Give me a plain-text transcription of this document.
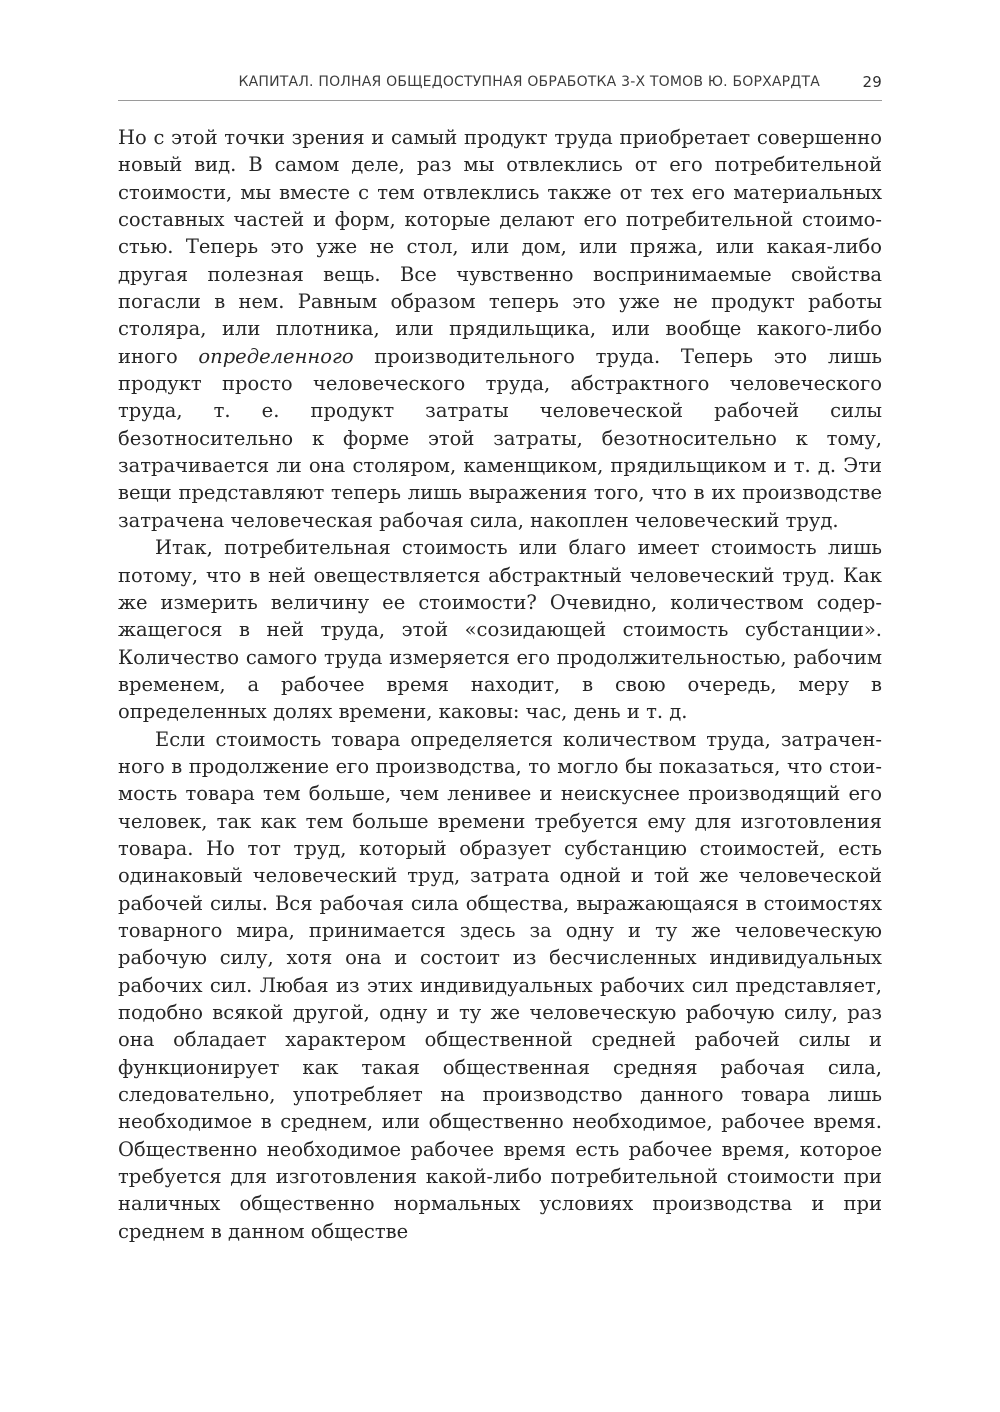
КАПИТАЛ. ПОЛНАЯ ОБЩЕДОСТУПНАЯ ОБРАБОТКА 3-Х ТОМОВ Ю. БОРХАРДТА	29

Но с этой точки зрения и самый продукт труда приобретает совершенно новый вид. В самом деле, раз мы отвлеклись от его потребительной стоимости, мы вместе с тем отвлеклись также от тех его материальных составных частей и форм, которые делают его потребительной стоимостью. Теперь это уже не стол, или дом, или пряжа, или какая-либо другая полезная вещь. Все чувственно воспринимаемые свойства погасли в нем. Равным образом теперь это уже не продукт работы столяра, или плотника, или прядильщика, или вообще какого-либо иного определенного производительного труда. Теперь это лишь продукт просто человеческого труда, абстрактного человеческого труда, т. е. продукт затраты человеческой рабочей силы безотносительно к форме этой затраты, безотносительно к тому, затрачивается ли она столяром, каменщиком, прядильщиком и т. д. Эти вещи представляют теперь лишь выражения того, что в их производстве затрачена человеческая рабочая сила, накоплен человеческий труд.

Итак, потребительная стоимость или благо имеет стоимость лишь потому, что в ней овеществляется абстрактный человеческий труд. Как же измерить величину ее стоимости? Очевидно, количеством содержащегося в ней труда, этой «созидающей стоимость субстанции». Количество самого труда измеряется его продолжительностью, рабочим временем, а рабочее время находит, в свою очередь, меру в определенных долях времени, каковы: час, день и т. д.

Если стоимость товара определяется количеством труда, затраченного в продолжение его производства, то могло бы показаться, что стоимость товара тем больше, чем ленивее и неискуснее производящий его человек, так как тем больше времени требуется ему для изготовления товара. Но тот труд, который образует субстанцию стоимостей, есть одинаковый человеческий труд, затрата одной и той же человеческой рабочей силы. Вся рабочая сила общества, выражающаяся в стоимостях товарного мира, принимается здесь за одну и ту же человеческую рабочую силу, хотя она и состоит из бесчисленных индивидуальных рабочих сил. Любая из этих индивидуальных рабочих сил представляет, подобно всякой другой, одну и ту же человеческую рабочую силу, раз она обладает характером общественной средней рабочей силы и функционирует как такая общественная средняя рабочая сила, следовательно, употребляет на производство данного товара лишь необходимое в среднем, или общественно необходимое, рабочее время. Общественно необходимое рабочее время есть рабочее время, которое требуется для изготовления какой-либо потребительной стоимости при наличных общественно нормальных условиях производства и при среднем в данном обществе
